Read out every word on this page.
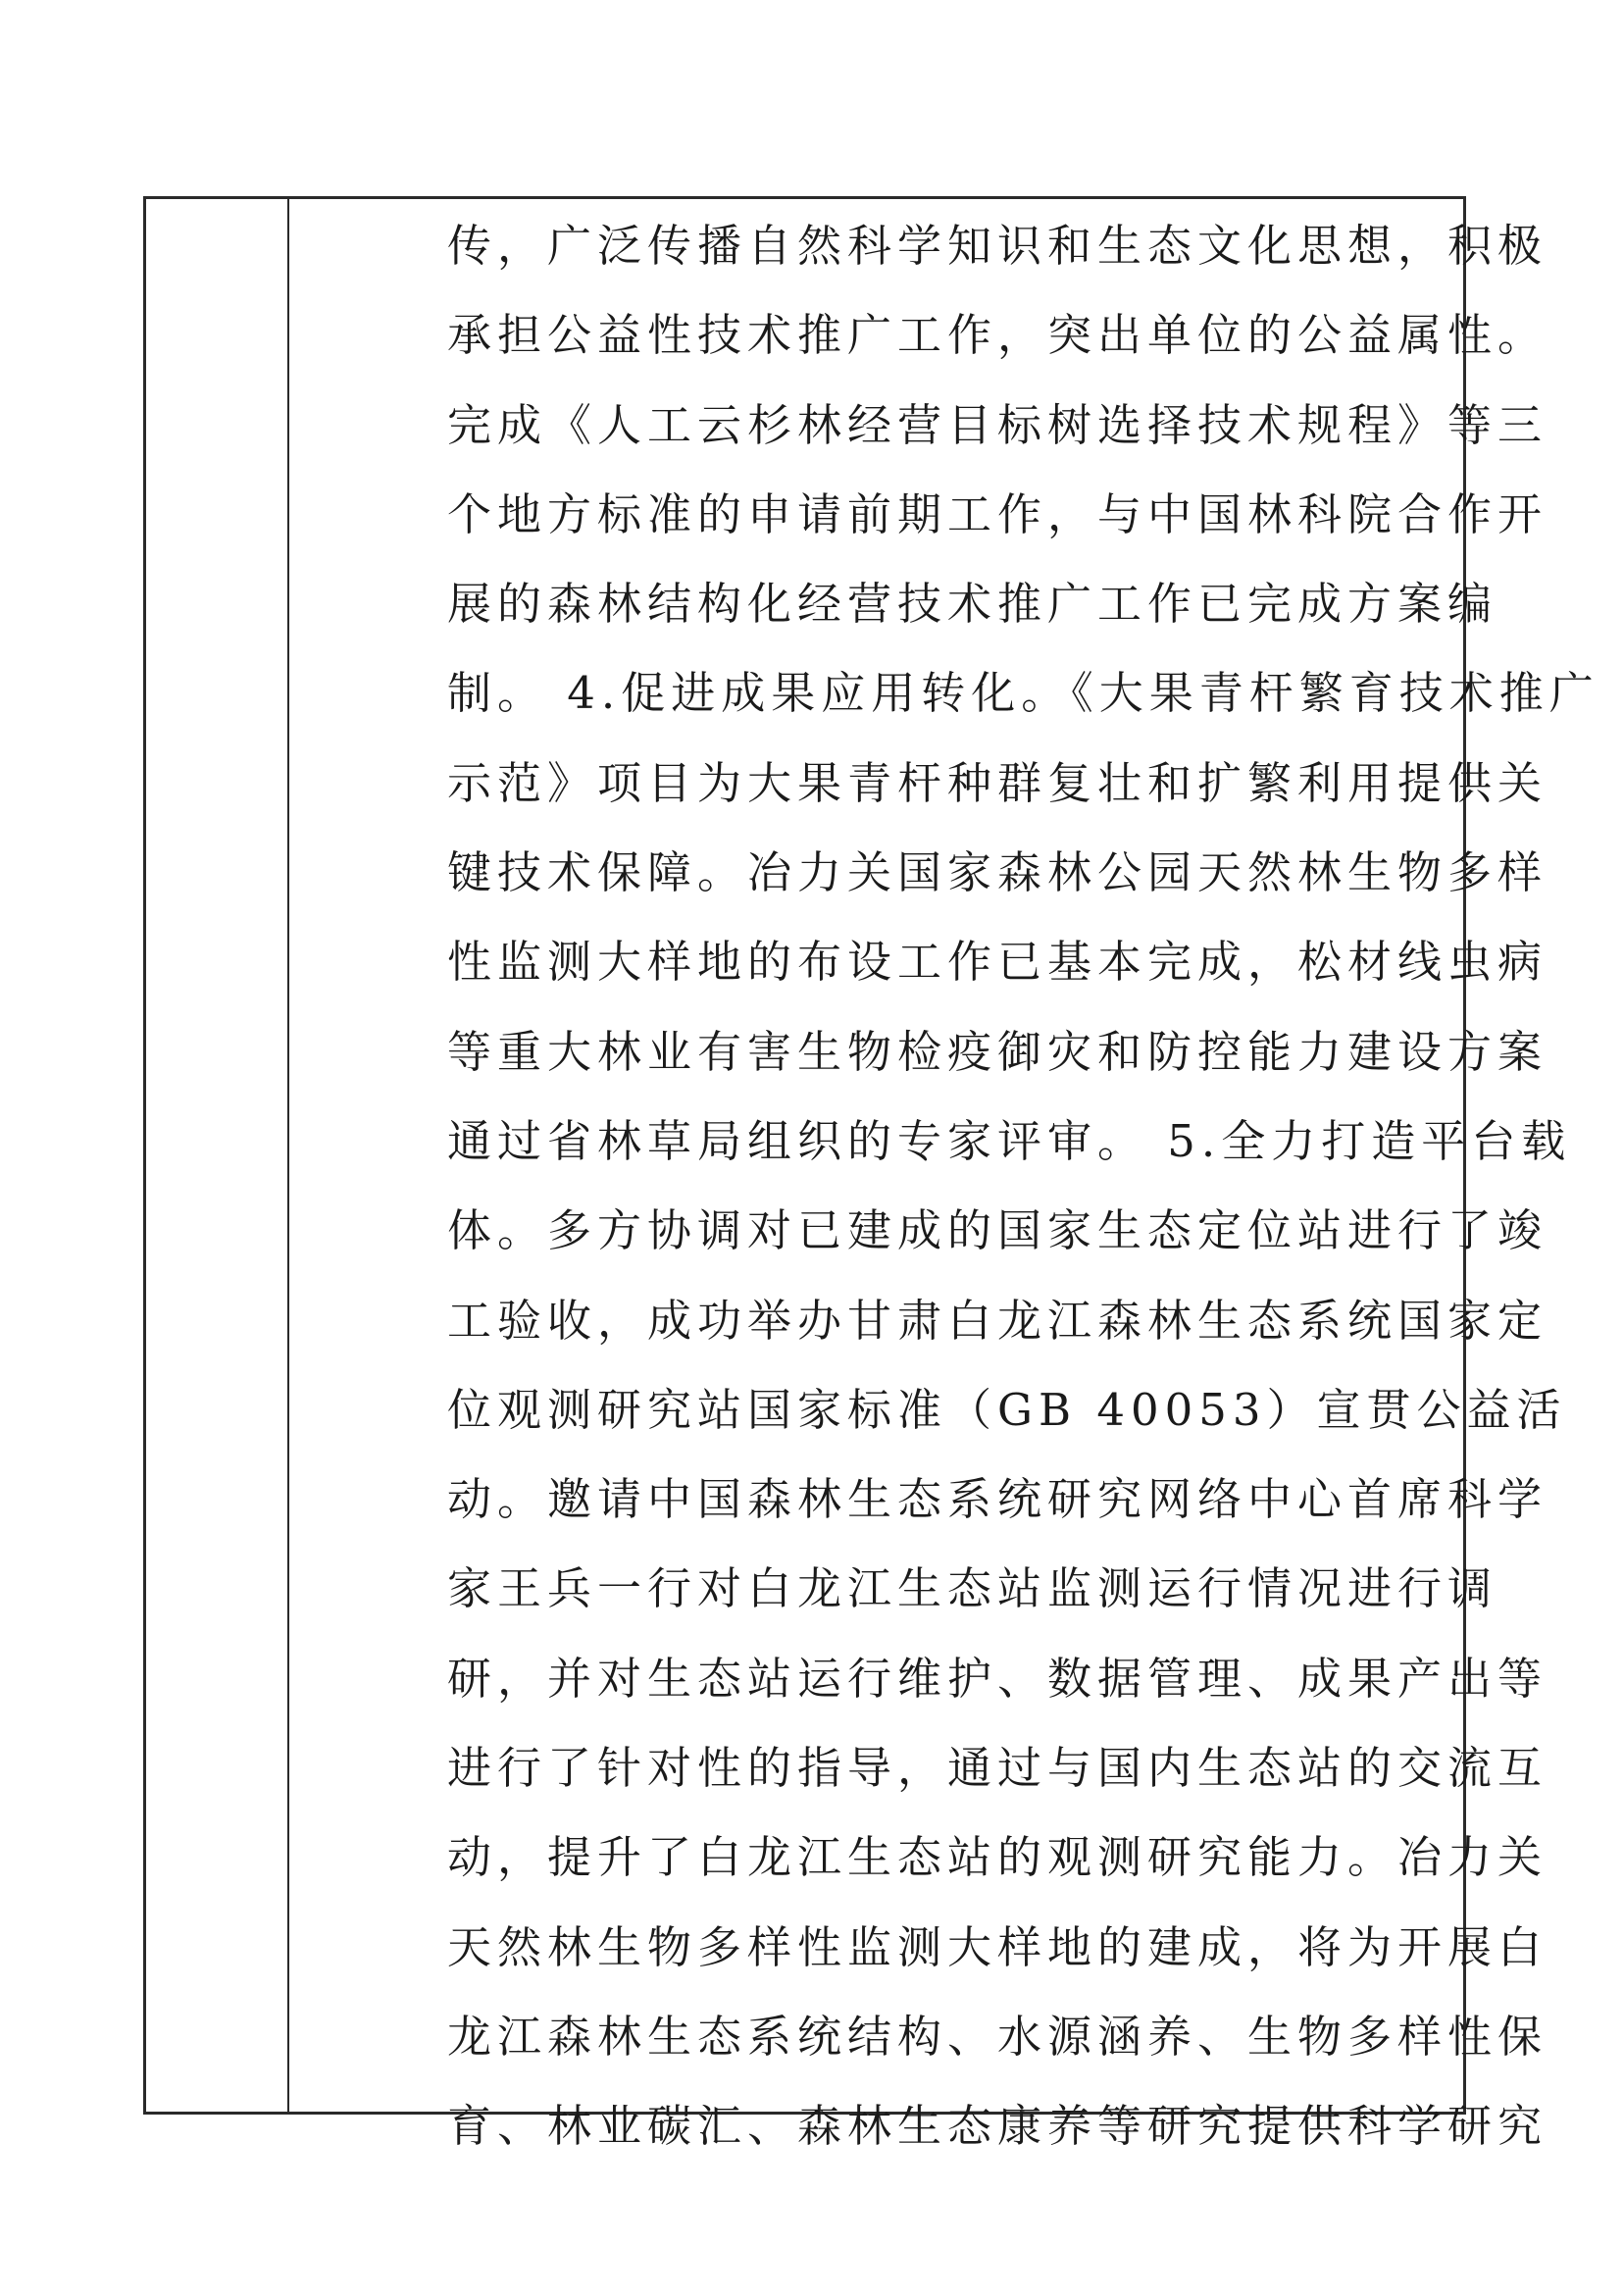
传，广泛传播自然科学知识和生态文化思想，积极
承担公益性技术推广工作，突出单位的公益属性。
完成《人工云杉林经营目标树选择技术规程》等三
个地方标准的申请前期工作，与中国林科院合作开
展的森林结构化经营技术推广工作已完成方案编
制。 4.促进成果应用转化。《大果青杆繁育技术推广
示范》项目为大果青杆种群复壮和扩繁利用提供关
键技术保障。冶力关国家森林公园天然林生物多样
性监测大样地的布设工作已基本完成，松材线虫病
等重大林业有害生物检疫御灾和防控能力建设方案
通过省林草局组织的专家评审。 5.全力打造平台载
体。多方协调对已建成的国家生态定位站进行了竣
工验收，成功举办甘肃白龙江森林生态系统国家定
位观测研究站国家标准（GB 40053）宣贯公益活
动。邀请中国森林生态系统研究网络中心首席科学
家王兵一行对白龙江生态站监测运行情况进行调
研，并对生态站运行维护、数据管理、成果产出等
进行了针对性的指导，通过与国内生态站的交流互
动，提升了白龙江生态站的观测研究能力。冶力关
天然林生物多样性监测大样地的建成，将为开展白
龙江森林生态系统结构、水源涵养、生物多样性保
育、林业碳汇、森林生态康养等研究提供科学研究
